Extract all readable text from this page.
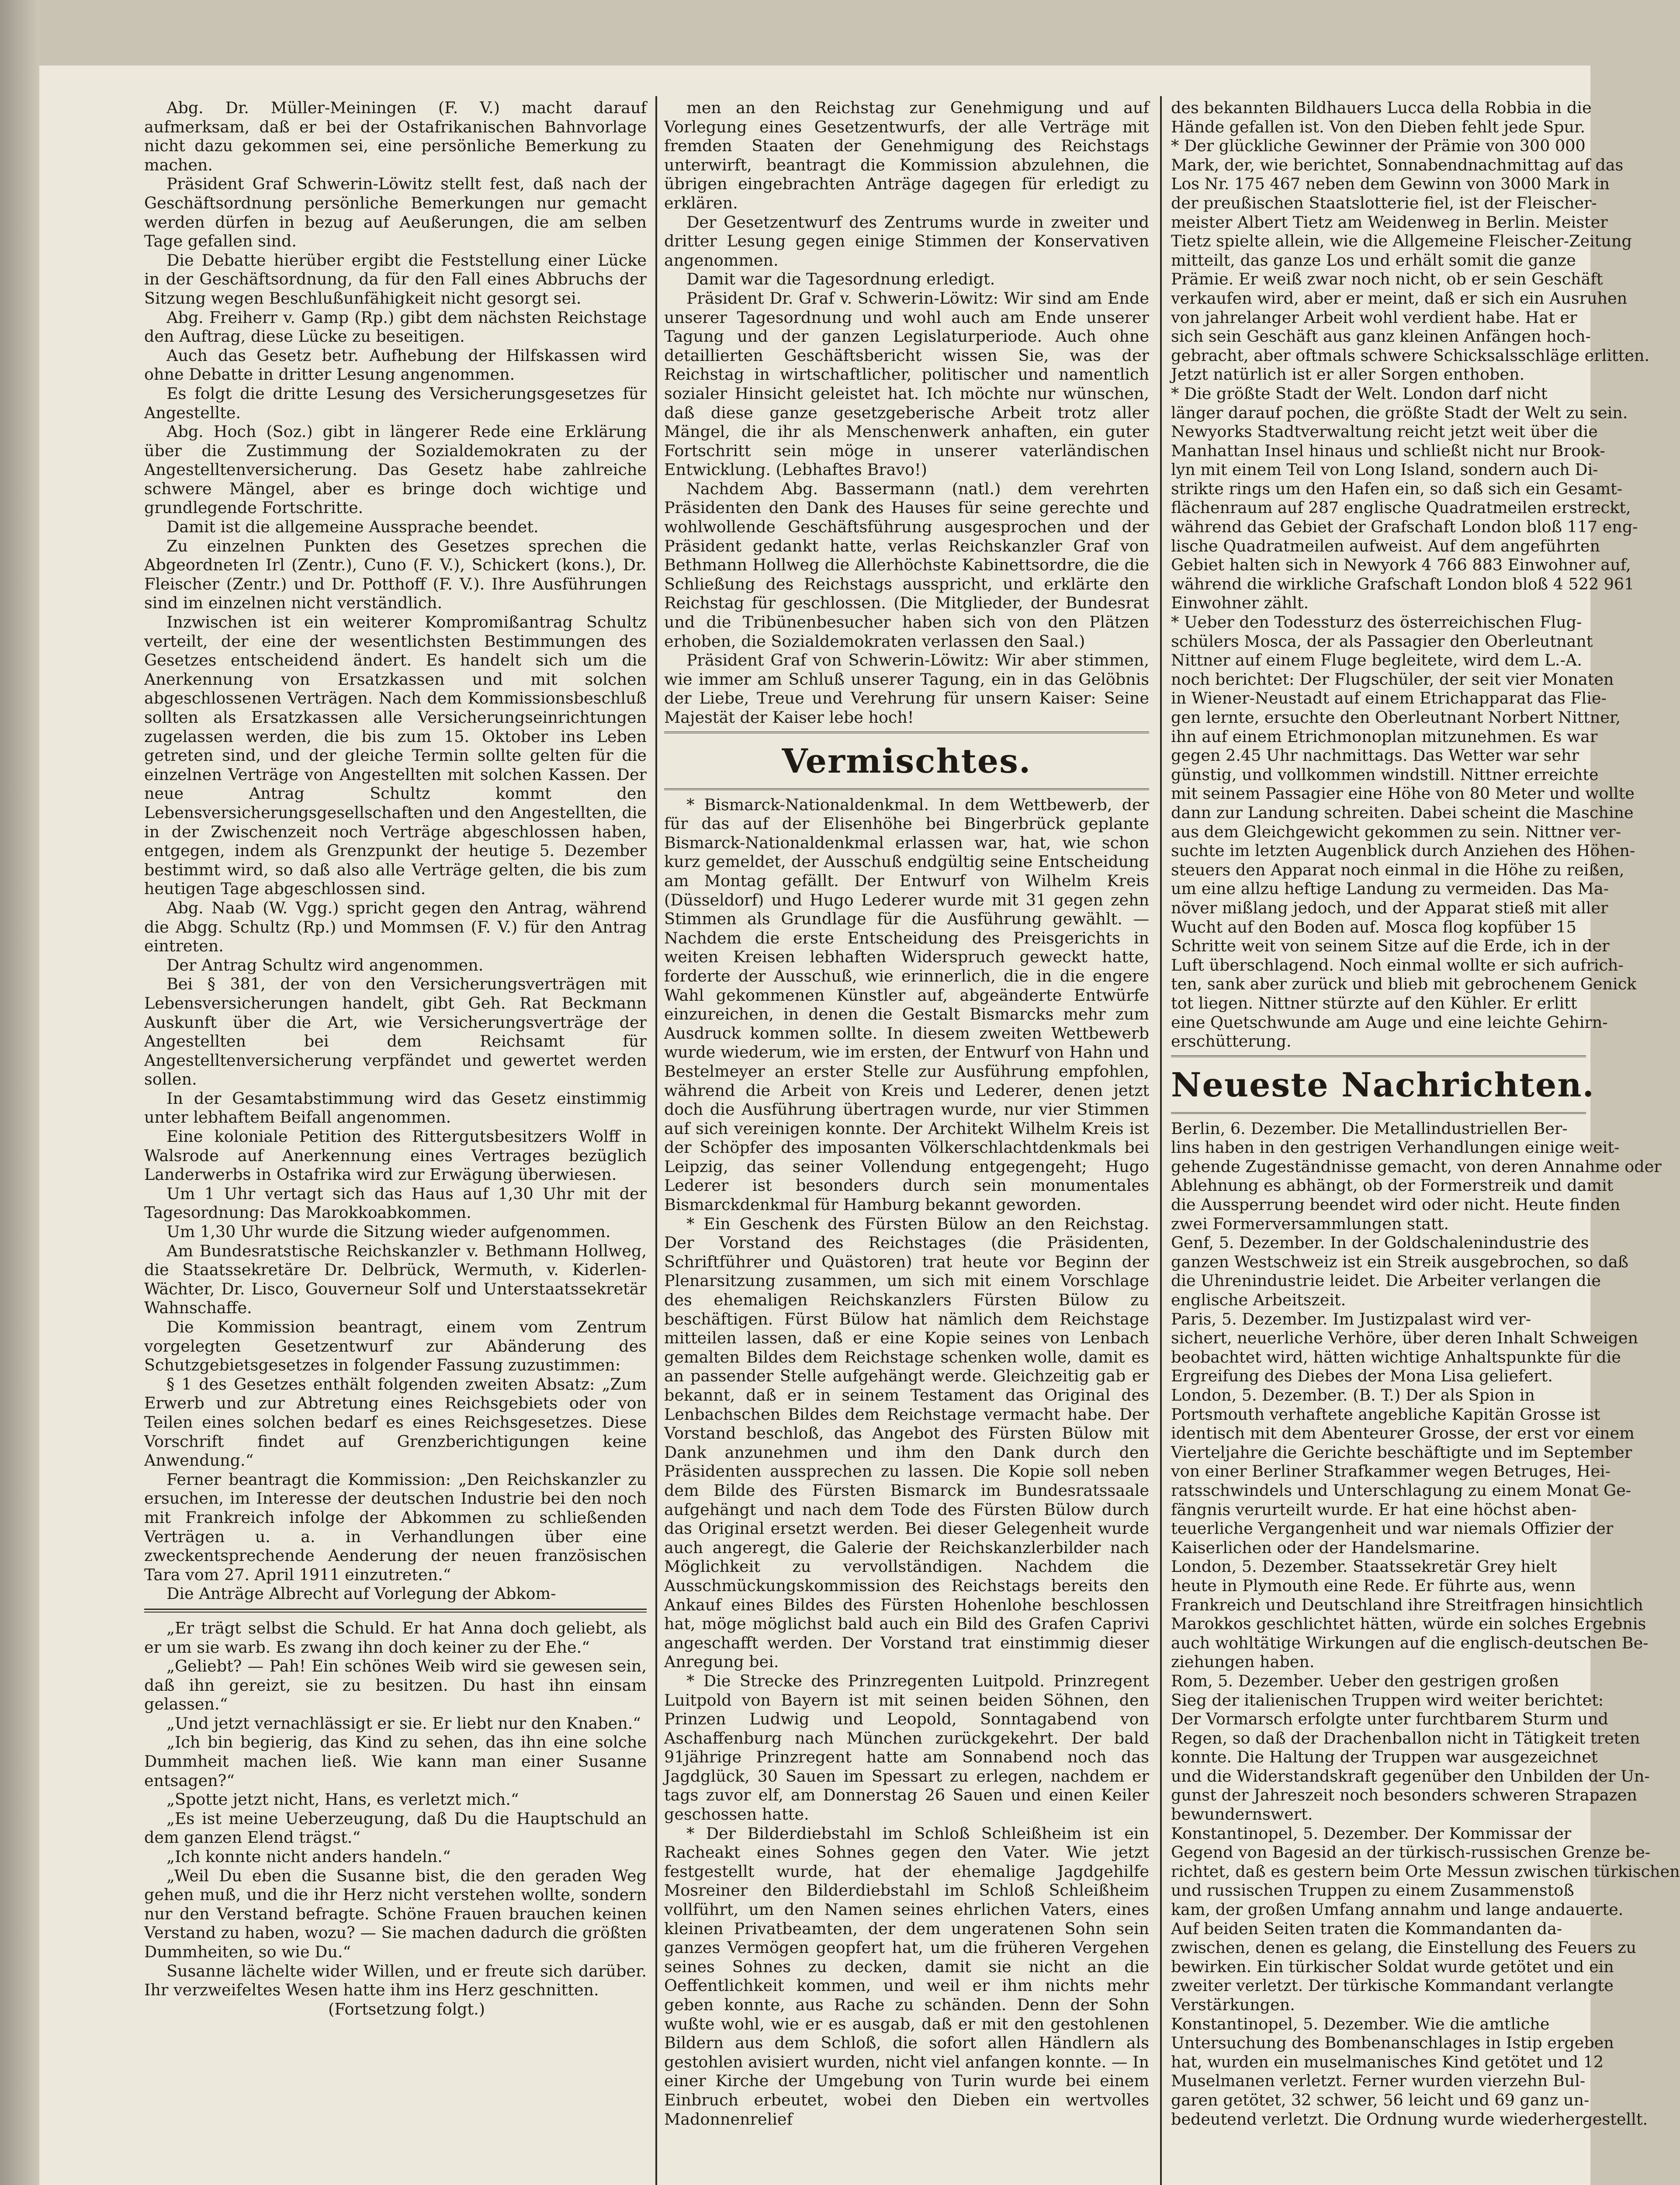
Abg. Dr. Müller-Meiningen (F. V.) macht darauf aufmerksam, daß er bei der Ostafrikanischen Bahnvorlage nicht dazu gekommen sei, eine persönliche Bemerkung zu machen.

Präsident Graf Schwerin-Löwitz stellt fest, daß nach der Geschäftsordnung persönliche Bemerkungen nur gemacht werden dürfen in bezug auf Aeußerungen, die am selben Tage gefallen sind.

Die Debatte hierüber ergibt die Feststellung einer Lücke in der Geschäftsordnung, da für den Fall eines Abbruchs der Sitzung wegen Beschlußunfähigkeit nicht gesorgt sei.

Abg. Freiherr v. Gamp (Rp.) gibt dem nächsten Reichstage den Auftrag, diese Lücke zu beseitigen.

Auch das Gesetz betr. Aufhebung der Hilfskassen wird ohne Debatte in dritter Lesung angenommen.

Es folgt die dritte Lesung des Versicherungsgesetzes für Angestellte.

Abg. Hoch (Soz.) gibt in längerer Rede eine Erklärung über die Zustimmung der Sozialdemokraten zu der Angestelltenversicherung. Das Gesetz habe zahlreiche schwere Mängel, aber es bringe doch wichtige und grundlegende Fortschritte.

Damit ist die allgemeine Aussprache beendet.

Zu einzelnen Punkten des Gesetzes sprechen die Abgeordneten Irl (Zentr.), Cuno (F. V.), Schickert (kons.), Dr. Fleischer (Zentr.) und Dr. Potthoff (F. V.). Ihre Ausführungen sind im einzelnen nicht verständlich.

Inzwischen ist ein weiterer Kompromißantrag Schultz verteilt, der eine der wesentlichsten Bestimmungen des Gesetzes entscheidend ändert. Es handelt sich um die Anerkennung von Ersatzkassen und mit solchen abgeschlossenen Verträgen. Nach dem Kommissionsbeschluß sollten als Ersatzkassen alle Versicherungseinrichtungen zugelassen werden, die bis zum 15. Oktober ins Leben getreten sind, und der gleiche Termin sollte gelten für die einzelnen Verträge von Angestellten mit solchen Kassen. Der neue Antrag Schultz kommt den Lebensversicherungsgesellschaften und den Angestellten, die in der Zwischenzeit noch Verträge abgeschlossen haben, entgegen, indem als Grenzpunkt der heutige 5. Dezember bestimmt wird, so daß also alle Verträge gelten, die bis zum heutigen Tage abgeschlossen sind.

Abg. Naab (W. Vgg.) spricht gegen den Antrag, während die Abgg. Schultz (Rp.) und Mommsen (F. V.) für den Antrag eintreten.

Der Antrag Schultz wird angenommen.

Bei § 381, der von den Versicherungsverträgen mit Lebensversicherungen handelt, gibt Geh. Rat Beckmann Auskunft über die Art, wie Versicherungsverträge der Angestellten bei dem Reichsamt für Angestelltenversicherung verpfändet und gewertet werden sollen.

In der Gesamtabstimmung wird das Gesetz einstimmig unter lebhaftem Beifall angenommen.

Eine koloniale Petition des Rittergutsbesitzers Wolff in Walsrode auf Anerkennung eines Vertrages bezüglich Landerwerbs in Ostafrika wird zur Erwägung überwiesen.

Um 1 Uhr vertagt sich das Haus auf 1,30 Uhr mit der Tagesordnung: Das Marokkoabkommen.

Um 1,30 Uhr wurde die Sitzung wieder aufgenommen.

Am Bundesratstische Reichskanzler v. Bethmann Hollweg, die Staatssekretäre Dr. Delbrück, Wermuth, v. Kiderlen-Wächter, Dr. Lisco, Gouverneur Solf und Unterstaatssekretär Wahnschaffe.

Die Kommission beantragt, einem vom Zentrum vorgelegten Gesetzentwurf zur Abänderung des Schutzgebietsgesetzes in folgender Fassung zuzustimmen:

§ 1 des Gesetzes enthält folgenden zweiten Absatz: „Zum Erwerb und zur Abtretung eines Reichsgebiets oder von Teilen eines solchen bedarf es eines Reichsgesetzes. Diese Vorschrift findet auf Grenzberichtigungen keine Anwendung.“

Ferner beantragt die Kommission: „Den Reichskanzler zu ersuchen, im Interesse der deutschen Industrie bei den noch mit Frankreich infolge der Abkommen zu schließenden Verträgen u. a. in Verhandlungen über eine zweckentsprechende Aenderung der neuen französischen Tara vom 27. April 1911 einzutreten.“

Die Anträge Albrecht auf Vorlegung der Abkom-

„Er trägt selbst die Schuld. Er hat Anna doch geliebt, als er um sie warb. Es zwang ihn doch keiner zu der Ehe.“

„Geliebt? — Pah! Ein schönes Weib wird sie gewesen sein, daß ihn gereizt, sie zu besitzen. Du hast ihn einsam gelassen.“

„Und jetzt vernachlässigt er sie. Er liebt nur den Knaben.“

„Ich bin begierig, das Kind zu sehen, das ihn eine solche Dummheit machen ließ. Wie kann man einer Susanne entsagen?“

„Spotte jetzt nicht, Hans, es verletzt mich.“

„Es ist meine Ueberzeugung, daß Du die Hauptschuld an dem ganzen Elend trägst.“

„Ich konnte nicht anders handeln.“

„Weil Du eben die Susanne bist, die den geraden Weg gehen muß, und die ihr Herz nicht verstehen wollte, sondern nur den Verstand befragte. Schöne Frauen brauchen keinen Verstand zu haben, wozu? — Sie machen dadurch die größten Dummheiten, so wie Du.“

Susanne lächelte wider Willen, und er freute sich darüber. Ihr verzweifeltes Wesen hatte ihm ins Herz geschnitten.

(Fortsetzung folgt.)

men an den Reichstag zur Genehmigung und auf Vorlegung eines Gesetzentwurfs, der alle Verträge mit fremden Staaten der Genehmigung des Reichstags unterwirft, beantragt die Kommission abzulehnen, die übrigen eingebrachten Anträge dagegen für erledigt zu erklären.

Der Gesetzentwurf des Zentrums wurde in zweiter und dritter Lesung gegen einige Stimmen der Konservativen angenommen.

Damit war die Tagesordnung erledigt.

Präsident Dr. Graf v. Schwerin-Löwitz: Wir sind am Ende unserer Tagesordnung und wohl auch am Ende unserer Tagung und der ganzen Legislaturperiode. Auch ohne detaillierten Geschäftsbericht wissen Sie, was der Reichstag in wirtschaftlicher, politischer und namentlich sozialer Hinsicht geleistet hat. Ich möchte nur wünschen, daß diese ganze gesetzgeberische Arbeit trotz aller Mängel, die ihr als Menschenwerk anhaften, ein guter Fortschritt sein möge in unserer vaterländischen Entwicklung. (Lebhaftes Bravo!)

Nachdem Abg. Bassermann (natl.) dem verehrten Präsidenten den Dank des Hauses für seine gerechte und wohlwollende Geschäftsführung ausgesprochen und der Präsident gedankt hatte, verlas Reichskanzler Graf von Bethmann Hollweg die Allerhöchste Kabinettsordre, die die Schließung des Reichstags ausspricht, und erklärte den Reichstag für geschlossen. (Die Mitglieder, der Bundesrat und die Tribünenbesucher haben sich von den Plätzen erhoben, die Sozialdemokraten verlassen den Saal.)

Präsident Graf von Schwerin-Löwitz: Wir aber stimmen, wie immer am Schluß unserer Tagung, ein in das Gelöbnis der Liebe, Treue und Verehrung für unsern Kaiser: Seine Majestät der Kaiser lebe hoch!

Vermischtes.

* Bismarck-Nationaldenkmal. In dem Wettbewerb, der für das auf der Elisenhöhe bei Bingerbrück geplante Bismarck-Nationaldenkmal erlassen war, hat, wie schon kurz gemeldet, der Ausschuß endgültig seine Entscheidung am Montag gefällt. Der Entwurf von Wilhelm Kreis (Düsseldorf) und Hugo Lederer wurde mit 31 gegen zehn Stimmen als Grundlage für die Ausführung gewählt. — Nachdem die erste Entscheidung des Preisgerichts in weiten Kreisen lebhaften Widerspruch geweckt hatte, forderte der Ausschuß, wie erinnerlich, die in die engere Wahl gekommenen Künstler auf, abgeänderte Entwürfe einzureichen, in denen die Gestalt Bismarcks mehr zum Ausdruck kommen sollte. In diesem zweiten Wettbewerb wurde wiederum, wie im ersten, der Entwurf von Hahn und Bestelmeyer an erster Stelle zur Ausführung empfohlen, während die Arbeit von Kreis und Lederer, denen jetzt doch die Ausführung übertragen wurde, nur vier Stimmen auf sich vereinigen konnte. Der Architekt Wilhelm Kreis ist der Schöpfer des imposanten Völkerschlachtdenkmals bei Leipzig, das seiner Vollendung entgegengeht; Hugo Lederer ist besonders durch sein monumentales Bismarckdenkmal für Hamburg bekannt geworden.

* Ein Geschenk des Fürsten Bülow an den Reichstag. Der Vorstand des Reichstages (die Präsidenten, Schriftführer und Quästoren) trat heute vor Beginn der Plenarsitzung zusammen, um sich mit einem Vorschlage des ehemaligen Reichskanzlers Fürsten Bülow zu beschäftigen. Fürst Bülow hat nämlich dem Reichstage mitteilen lassen, daß er eine Kopie seines von Lenbach gemalten Bildes dem Reichstage schenken wolle, damit es an passender Stelle aufgehängt werde. Gleichzeitig gab er bekannt, daß er in seinem Testament das Original des Lenbachschen Bildes dem Reichstage vermacht habe. Der Vorstand beschloß, das Angebot des Fürsten Bülow mit Dank anzunehmen und ihm den Dank durch den Präsidenten aussprechen zu lassen. Die Kopie soll neben dem Bilde des Fürsten Bismarck im Bundesratssaale aufgehängt und nach dem Tode des Fürsten Bülow durch das Original ersetzt werden. Bei dieser Gelegenheit wurde auch angeregt, die Galerie der Reichskanzlerbilder nach Möglichkeit zu vervollständigen. Nachdem die Ausschmückungskommission des Reichstags bereits den Ankauf eines Bildes des Fürsten Hohenlohe beschlossen hat, möge möglichst bald auch ein Bild des Grafen Caprivi angeschafft werden. Der Vorstand trat einstimmig dieser Anregung bei.

* Die Strecke des Prinzregenten Luitpold. Prinzregent Luitpold von Bayern ist mit seinen beiden Söhnen, den Prinzen Ludwig und Leopold, Sonntagabend von Aschaffenburg nach München zurückgekehrt. Der bald 91jährige Prinzregent hatte am Sonnabend noch das Jagdglück, 30 Sauen im Spessart zu erlegen, nachdem er tags zuvor elf, am Donnerstag 26 Sauen und einen Keiler geschossen hatte.

* Der Bilderdiebstahl im Schloß Schleißheim ist ein Racheakt eines Sohnes gegen den Vater. Wie jetzt festgestellt wurde, hat der ehemalige Jagdgehilfe Mosreiner den Bilderdiebstahl im Schloß Schleißheim vollführt, um den Namen seines ehrlichen Vaters, eines kleinen Privatbeamten, der dem ungeratenen Sohn sein ganzes Vermögen geopfert hat, um die früheren Vergehen seines Sohnes zu decken, damit sie nicht an die Oeffentlichkeit kommen, und weil er ihm nichts mehr geben konnte, aus Rache zu schänden. Denn der Sohn wußte wohl, wie er es ausgab, daß er mit den gestohlenen Bildern aus dem Schloß, die sofort allen Händlern als gestohlen avisiert wurden, nicht viel anfangen konnte. — In einer Kirche der Umgebung von Turin wurde bei einem Einbruch erbeutet, wobei den Dieben ein wertvolles Madonnenrelief

des bekannten Bildhauers Lucca della Robbia in die
Hände gefallen ist. Von den Dieben fehlt jede Spur.
* Der glückliche Gewinner der Prämie von 300 000
Mark, der, wie berichtet, Sonnabendnachmittag auf das
Los Nr. 175 467 neben dem Gewinn von 3000 Mark in
der preußischen Staatslotterie fiel, ist der Fleischer-
meister Albert Tietz am Weidenweg in Berlin. Meister
Tietz spielte allein, wie die Allgemeine Fleischer-Zeitung
mitteilt, das ganze Los und erhält somit die ganze
Prämie. Er weiß zwar noch nicht, ob er sein Geschäft
verkaufen wird, aber er meint, daß er sich ein Ausruhen
von jahrelanger Arbeit wohl verdient habe. Hat er
sich sein Geschäft aus ganz kleinen Anfängen hoch-
gebracht, aber oftmals schwere Schicksalsschläge erlitten.
Jetzt natürlich ist er aller Sorgen enthoben.
* Die größte Stadt der Welt. London darf nicht
länger darauf pochen, die größte Stadt der Welt zu sein.
Newyorks Stadtverwaltung reicht jetzt weit über die
Manhattan Insel hinaus und schließt nicht nur Brook-
lyn mit einem Teil von Long Island, sondern auch Di-
strikte rings um den Hafen ein, so daß sich ein Gesamt-
flächenraum auf 287 englische Quadratmeilen erstreckt,
während das Gebiet der Grafschaft London bloß 117 eng-
lische Quadratmeilen aufweist. Auf dem angeführten
Gebiet halten sich in Newyork 4 766 883 Einwohner auf,
während die wirkliche Grafschaft London bloß 4 522 961
Einwohner zählt.
* Ueber den Todessturz des österreichischen Flug-
schülers Mosca, der als Passagier den Oberleutnant
Nittner auf einem Fluge begleitete, wird dem L.-A.
noch berichtet: Der Flugschüler, der seit vier Monaten
in Wiener-Neustadt auf einem Etrichapparat das Flie-
gen lernte, ersuchte den Oberleutnant Norbert Nittner,
ihn auf einem Etrichmonoplan mitzunehmen. Es war
gegen 2.45 Uhr nachmittags. Das Wetter war sehr
günstig, und vollkommen windstill. Nittner erreichte
mit seinem Passagier eine Höhe von 80 Meter und wollte
dann zur Landung schreiten. Dabei scheint die Maschine
aus dem Gleichgewicht gekommen zu sein. Nittner ver-
suchte im letzten Augenblick durch Anziehen des Höhen-
steuers den Apparat noch einmal in die Höhe zu reißen,
um eine allzu heftige Landung zu vermeiden. Das Ma-
növer mißlang jedoch, und der Apparat stieß mit aller
Wucht auf den Boden auf. Mosca flog kopfüber 15
Schritte weit von seinem Sitze auf die Erde, ich in der
Luft überschlagend. Noch einmal wollte er sich aufrich-
ten, sank aber zurück und blieb mit gebrochenem Genick
tot liegen. Nittner stürzte auf den Kühler. Er erlitt
eine Quetschwunde am Auge und eine leichte Gehirn-
erschütterung.
Neueste Nachrichten.
Berlin, 6. Dezember. Die Metallindustriellen Ber-
lins haben in den gestrigen Verhandlungen einige weit-
gehende Zugeständnisse gemacht, von deren Annahme oder
Ablehnung es abhängt, ob der Formerstreik und damit
die Aussperrung beendet wird oder nicht. Heute finden
zwei Formerversammlungen statt.
Genf, 5. Dezember. In der Goldschalenindustrie des
ganzen Westschweiz ist ein Streik ausgebrochen, so daß
die Uhrenindustrie leidet. Die Arbeiter verlangen die
englische Arbeitszeit.
Paris, 5. Dezember. Im Justizpalast wird ver-
sichert, neuerliche Verhöre, über deren Inhalt Schweigen
beobachtet wird, hätten wichtige Anhaltspunkte für die
Ergreifung des Diebes der Mona Lisa geliefert.
London, 5. Dezember. (B. T.) Der als Spion in
Portsmouth verhaftete angebliche Kapitän Grosse ist
identisch mit dem Abenteurer Grosse, der erst vor einem
Vierteljahre die Gerichte beschäftigte und im September
von einer Berliner Strafkammer wegen Betruges, Hei-
ratsschwindels und Unterschlagung zu einem Monat Ge-
fängnis verurteilt wurde. Er hat eine höchst aben-
teuerliche Vergangenheit und war niemals Offizier der
Kaiserlichen oder der Handelsmarine.
London, 5. Dezember. Staatssekretär Grey hielt
heute in Plymouth eine Rede. Er führte aus, wenn
Frankreich und Deutschland ihre Streitfragen hinsichtlich
Marokkos geschlichtet hätten, würde ein solches Ergebnis
auch wohltätige Wirkungen auf die englisch-deutschen Be-
ziehungen haben.
Rom, 5. Dezember. Ueber den gestrigen großen
Sieg der italienischen Truppen wird weiter berichtet:
Der Vormarsch erfolgte unter furchtbarem Sturm und
Regen, so daß der Drachenballon nicht in Tätigkeit treten
konnte. Die Haltung der Truppen war ausgezeichnet
und die Widerstandskraft gegenüber den Unbilden der Un-
gunst der Jahreszeit noch besonders schweren Strapazen
bewundernswert.
Konstantinopel, 5. Dezember. Der Kommissar der
Gegend von Bagesid an der türkisch-russischen Grenze be-
richtet, daß es gestern beim Orte Messun zwischen türkischen
und russischen Truppen zu einem Zusammenstoß
kam, der großen Umfang annahm und lange andauerte.
Auf beiden Seiten traten die Kommandanten da-
zwischen, denen es gelang, die Einstellung des Feuers zu
bewirken. Ein türkischer Soldat wurde getötet und ein
zweiter verletzt. Der türkische Kommandant verlangte
Verstärkungen.
Konstantinopel, 5. Dezember. Wie die amtliche
Untersuchung des Bombenanschlages in Istip ergeben
hat, wurden ein muselmanisches Kind getötet und 12
Muselmanen verletzt. Ferner wurden vierzehn Bul-
garen getötet, 32 schwer, 56 leicht und 69 ganz un-
bedeutend verletzt. Die Ordnung wurde wiederhergestellt.
